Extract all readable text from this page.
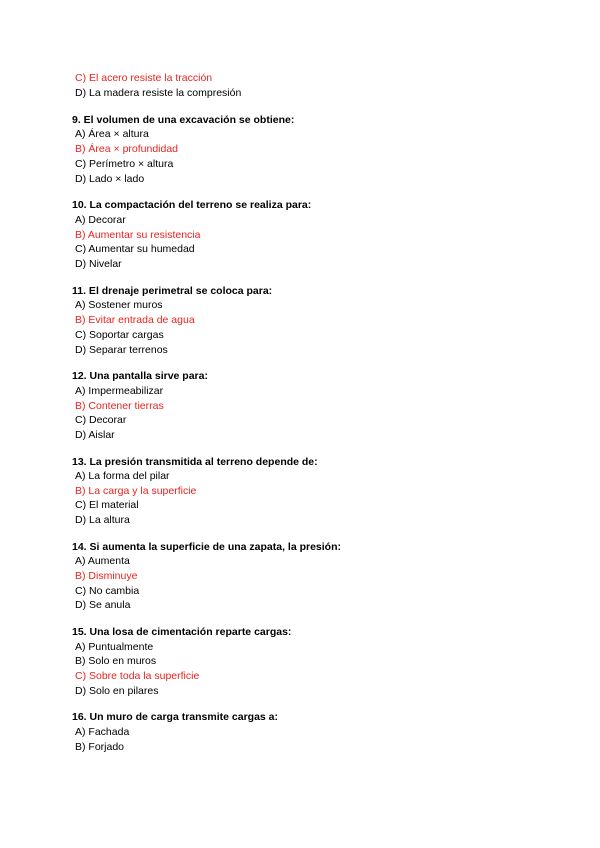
C) El acero resiste la tracción
D) La madera resiste la compresión
9. El volumen de una excavación se obtiene:
A) Área × altura
B) Área × profundidad
C) Perímetro × altura
D) Lado × lado
10. La compactación del terreno se realiza para:
A) Decorar
B) Aumentar su resistencia
C) Aumentar su humedad
D) Nivelar
11. El drenaje perimetral se coloca para:
A) Sostener muros
B) Evitar entrada de agua
C) Soportar cargas
D) Separar terrenos
12. Una pantalla sirve para:
A) Impermeabilizar
B) Contener tierras
C) Decorar
D) Aislar
13. La presión transmitida al terreno depende de:
A) La forma del pilar
B) La carga y la superficie
C) El material
D) La altura
14. Si aumenta la superficie de una zapata, la presión:
A) Aumenta
B) Disminuye
C) No cambia
D) Se anula
15. Una losa de cimentación reparte cargas:
A) Puntualmente
B) Solo en muros
C) Sobre toda la superficie
D) Solo en pilares
16. Un muro de carga transmite cargas a:
A) Fachada
B) Forjado
